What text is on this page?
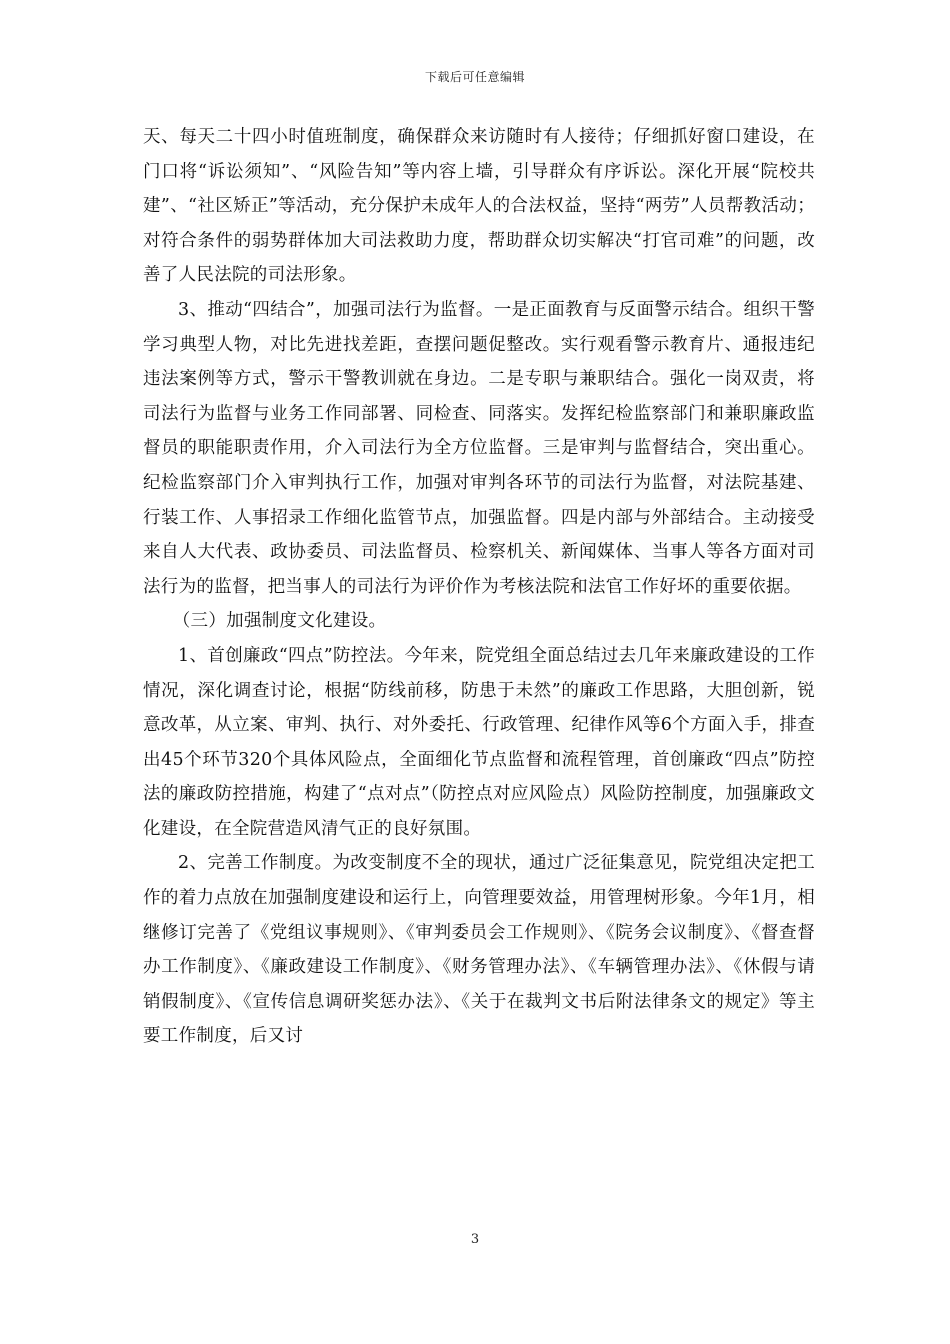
下载后可任意编辑

天、每天二十四小时值班制度，确保群众来访随时有人接待；仔细抓好窗口建设，在门口将“诉讼须知”、“风险告知”等内容上墙，引导群众有序诉讼。深化开展“院校共建”、“社区矫正”等活动，充分保护未成年人的合法权益，坚持“两劳”人员帮教活动；对符合条件的弱势群体加大司法救助力度，帮助群众切实解决“打官司难”的问题，改善了人民法院的司法形象。

3、推动“四结合”，加强司法行为监督。一是正面教育与反面警示结合。组织干警学习典型人物，对比先进找差距，查摆问题促整改。实行观看警示教育片、通报违纪违法案例等方式，警示干警教训就在身边。二是专职与兼职结合。强化一岗双责，将司法行为监督与业务工作同部署、同检查、同落实。发挥纪检监察部门和兼职廉政监督员的职能职责作用，介入司法行为全方位监督。三是审判与监督结合，突出重心。纪检监察部门介入审判执行工作，加强对审判各环节的司法行为监督，对法院基建、行装工作、人事招录工作细化监管节点，加强监督。四是内部与外部结合。主动接受来自人大代表、政协委员、司法监督员、检察机关、新闻媒体、当事人等各方面对司法行为的监督，把当事人的司法行为评价作为考核法院和法官工作好坏的重要依据。

（三）加强制度文化建设。

1、首创廉政“四点”防控法。今年来，院党组全面总结过去几年来廉政建设的工作情况，深化调查讨论，根据“防线前移，防患于未然”的廉政工作思路，大胆创新，锐意改革，从立案、审判、执行、对外委托、行政管理、纪律作风等6个方面入手，排查出45个环节320个具体风险点，全面细化节点监督和流程管理，首创廉政“四点”防控法的廉政防控措施，构建了“点对点”（防控点对应风险点）风险防控制度，加强廉政文化建设，在全院营造风清气正的良好氛围。

2、完善工作制度。为改变制度不全的现状，通过广泛征集意见，院党组决定把工作的着力点放在加强制度建设和运行上，向管理要效益，用管理树形象。今年1月，相继修订完善了《党组议事规则》、《审判委员会工作规则》、《院务会议制度》、《督查督办工作制度》、《廉政建设工作制度》、《财务管理办法》、《车辆管理办法》、《休假与请销假制度》、《宣传信息调研奖惩办法》、《关于在裁判文书后附法律条文的规定》等主要工作制度，后又讨

3
